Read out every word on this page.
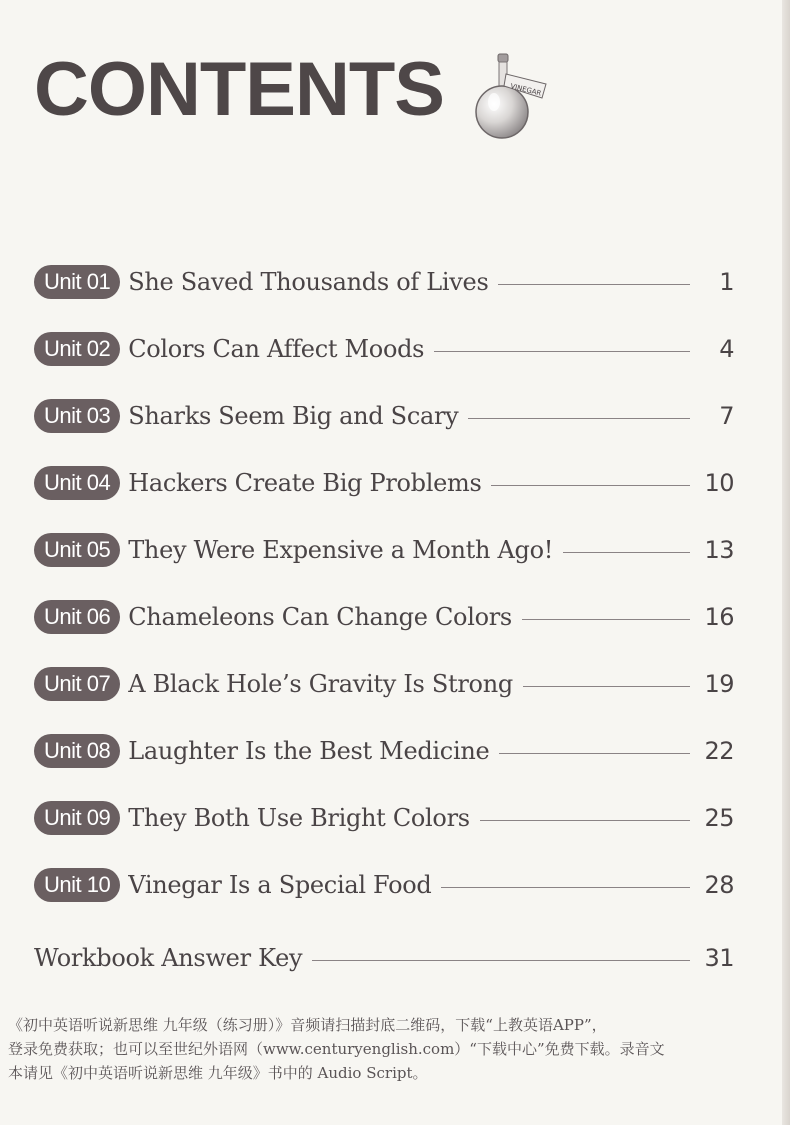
CONTENTS	VINEGAR
Unit 01 She Saved Thousands of Lives	1
Unit 02 Colors Can Affect Moods	4
Unit 03 Sharks Seem Big and Scary	7
Unit 04 Hackers Create Big Problems	10
Unit 05 They Were Expensive a Month Ago!	13
Unit 06 Chameleons Can Change Colors	16
Unit 07 A Black Hole’s Gravity Is Strong	19
Unit 08 Laughter Is the Best Medicine	22
Unit 09 They Both Use Bright Colors	25
Unit 10 Vinegar Is a Special Food	28
Workbook Answer Key	31
《初中英语听说新思维 九年级（练习册）》音频请扫描封底二维码，下载“上教英语APP”，
登录免费获取；也可以至世纪外语网（www.centuryenglish.com）“下载中心”免费下载。录音文
本请见《初中英语听说新思维 九年级》书中的 Audio Script。
